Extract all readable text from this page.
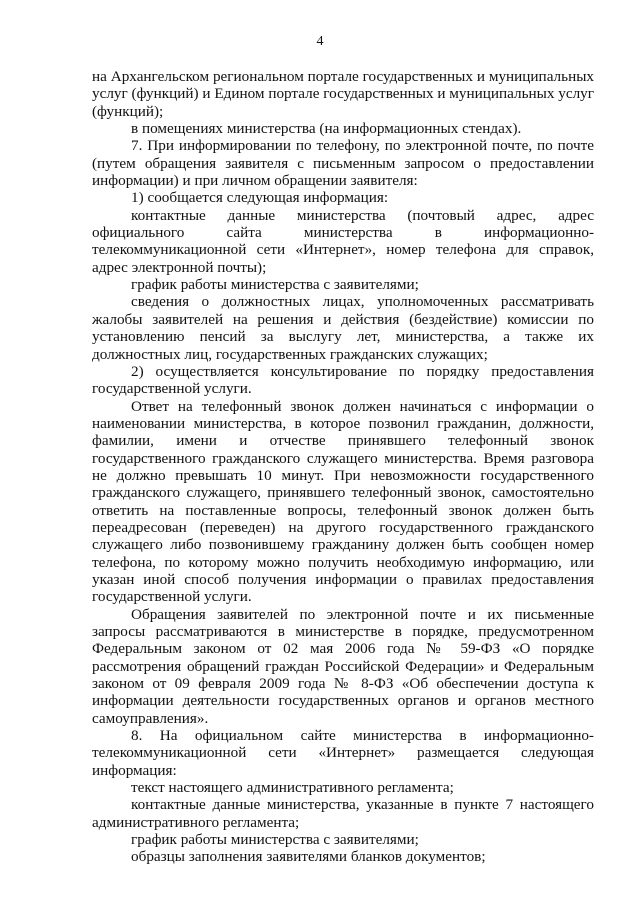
4

на Архангельском региональном портале государственных и муниципальных услуг (функций) и Едином портале государственных и муниципальных услуг (функций);

в помещениях министерства (на информационных стендах).

7. При информировании по телефону, по электронной почте, по почте (путем обращения заявителя с письменным запросом о предоставлении информации) и при личном обращении заявителя:

1) сообщается следующая информация:

контактные данные министерства (почтовый адрес, адрес официального сайта министерства в информационно-телекоммуникационной сети «Интернет», номер телефона для справок, адрес электронной почты);

график работы министерства с заявителями;

сведения о должностных лицах, уполномоченных рассматривать жалобы заявителей на решения и действия (бездействие) комиссии по установлению пенсий за выслугу лет, министерства, а также их должностных лиц, государственных гражданских служащих;

2) осуществляется консультирование по порядку предоставления государственной услуги.

Ответ на телефонный звонок должен начинаться с информации о наименовании министерства, в которое позвонил гражданин, должности, фамилии, имени и отчестве принявшего телефонный звонок государственного гражданского служащего министерства. Время разговора не должно превышать 10 минут. При невозможности государственного гражданского служащего, принявшего телефонный звонок, самостоятельно ответить на поставленные вопросы, телефонный звонок должен быть переадресован (переведен) на другого государственного гражданского служащего либо позвонившему гражданину должен быть сообщен номер телефона, по которому можно получить необходимую информацию, или указан иной способ получения информации о правилах предоставления государственной услуги.

Обращения заявителей по электронной почте и их письменные запросы рассматриваются в министерстве в порядке, предусмотренном Федеральным законом от 02 мая 2006 года № 59-ФЗ «О порядке рассмотрения обращений граждан Российской Федерации» и Федеральным законом от 09 февраля 2009 года № 8-ФЗ «Об обеспечении доступа к информации деятельности государственных органов и органов местного самоуправления».

8. На официальном сайте министерства в информационно-телекоммуникационной сети «Интернет» размещается следующая информация:

текст настоящего административного регламента;

контактные данные министерства, указанные в пункте 7 настоящего административного регламента;

график работы министерства с заявителями;

образцы заполнения заявителями бланков документов;
